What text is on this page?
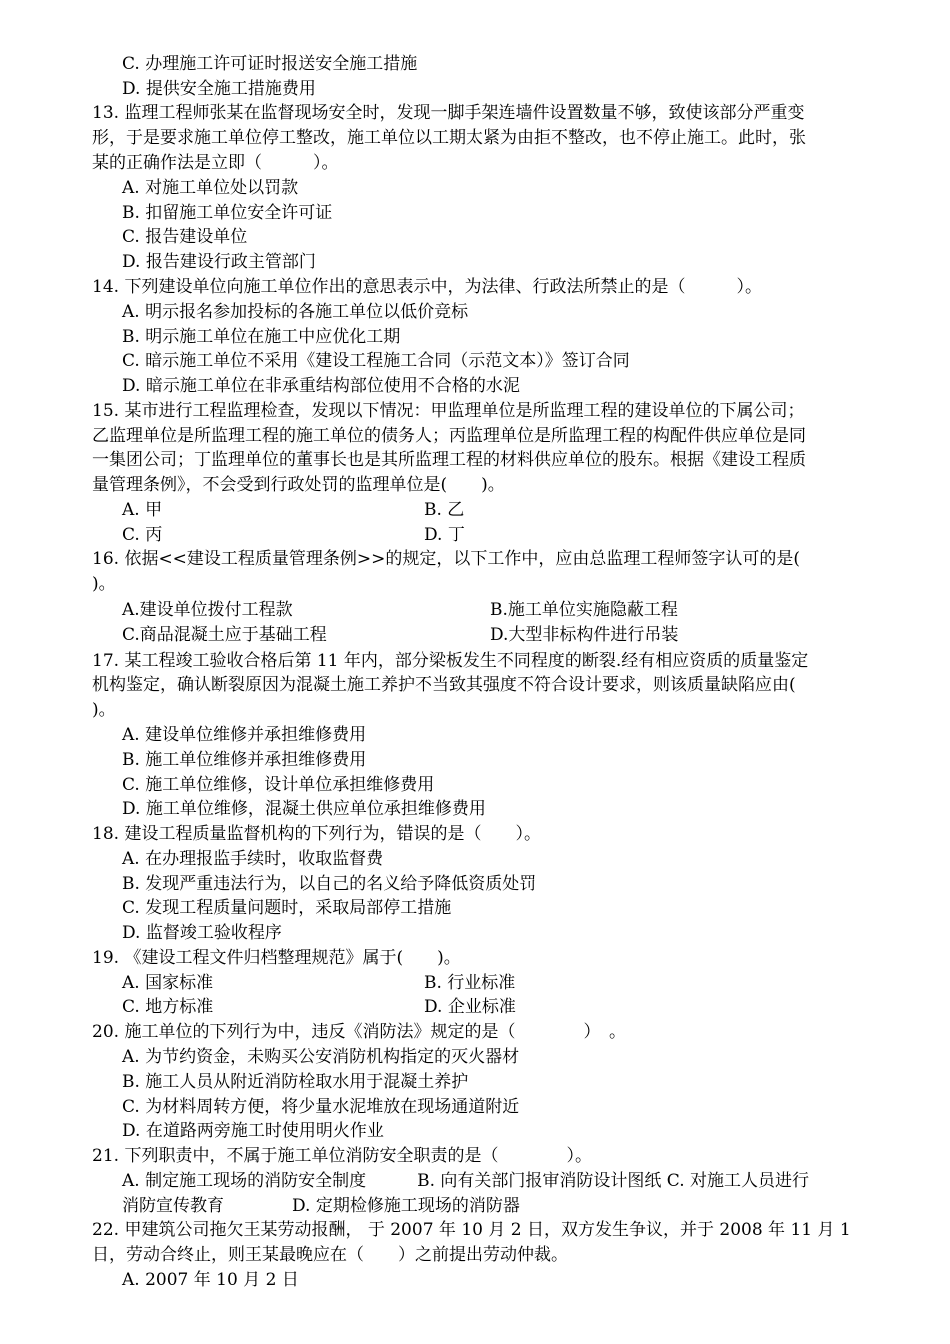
C. 办理施工许可证时报送安全施工措施
D. 提供安全施工措施费用
13. 监理工程师张某在监督现场安全时，发现一脚手架连墙件设置数量不够，致使该部分严重变
形，于是要求施工单位停工整改，施工单位以工期太紧为由拒不整改，也不停止施工。此时，张
某的正确作法是立即（　　　）。
A. 对施工单位处以罚款
B. 扣留施工单位安全许可证
C. 报告建设单位
D. 报告建设行政主管部门
14. 下列建设单位向施工单位作出的意思表示中，为法律、行政法所禁止的是（　　　）。
A. 明示报名参加投标的各施工单位以低价竞标
B. 明示施工单位在施工中应优化工期
C. 暗示施工单位不采用《建设工程施工合同（示范文本）》签订合同
D. 暗示施工单位在非承重结构部位使用不合格的水泥
15. 某市进行工程监理检查，发现以下情况：甲监理单位是所监理工程的建设单位的下属公司；
乙监理单位是所监理工程的施工单位的债务人；丙监理单位是所监理工程的构配件供应单位是同
一集团公司；丁监理单位的董事长也是其所监理工程的材料供应单位的股东。根据《建设工程质
量管理条例》，不会受到行政处罚的监理单位是(　　)。
A. 甲	B. 乙
C. 丙	D. 丁
16. 依据<<建设工程质量管理条例>>的规定，以下工作中，应由总监理工程师签字认可的是(
)。
A.建设单位拨付工程款	B.施工单位实施隐蔽工程
C.商品混凝土应于基础工程	D.大型非标构件进行吊装
17. 某工程竣工验收合格后第 11 年内，部分梁板发生不同程度的断裂.经有相应资质的质量鉴定
机构鉴定，确认断裂原因为混凝土施工养护不当致其强度不符合设计要求，则该质量缺陷应由(
)。
A. 建设单位维修并承担维修费用
B. 施工单位维修并承担维修费用
C. 施工单位维修，设计单位承担维修费用
D. 施工单位维修，混凝土供应单位承担维修费用
18. 建设工程质量监督机构的下列行为，错误的是（　　）。
A. 在办理报监手续时，收取监督费
B. 发现严重违法行为，以自己的名义给予降低资质处罚
C. 发现工程质量问题时，采取局部停工措施
D. 监督竣工验收程序
19. 《建设工程文件归档整理规范》属于(　　)。
A. 国家标准	B. 行业标准
C. 地方标准	D. 企业标准
20. 施工单位的下列行为中，违反《消防法》规定的是（　　　　）　。
A. 为节约资金，未购买公安消防机构指定的灭火器材
B. 施工人员从附近消防栓取水用于混凝土养护
C. 为材料周转方便，将少量水泥堆放在现场通道附近
D. 在道路两旁施工时使用明火作业
21. 下列职责中，不属于施工单位消防安全职责的是（　　　　）。
A. 制定施工现场的消防安全制度　　　B. 向有关部门报审消防设计图纸 C. 对施工人员进行
消防宣传教育　　　　D. 定期检修施工现场的消防器
22. 甲建筑公司拖欠王某劳动报酬， 于 2007 年 10 月 2 日，双方发生争议，并于 2008 年 11 月 1
日，劳动合终止，则王某最晚应在（　　）之前提出劳动仲裁。
A. 2007 年 10 月 2 日
